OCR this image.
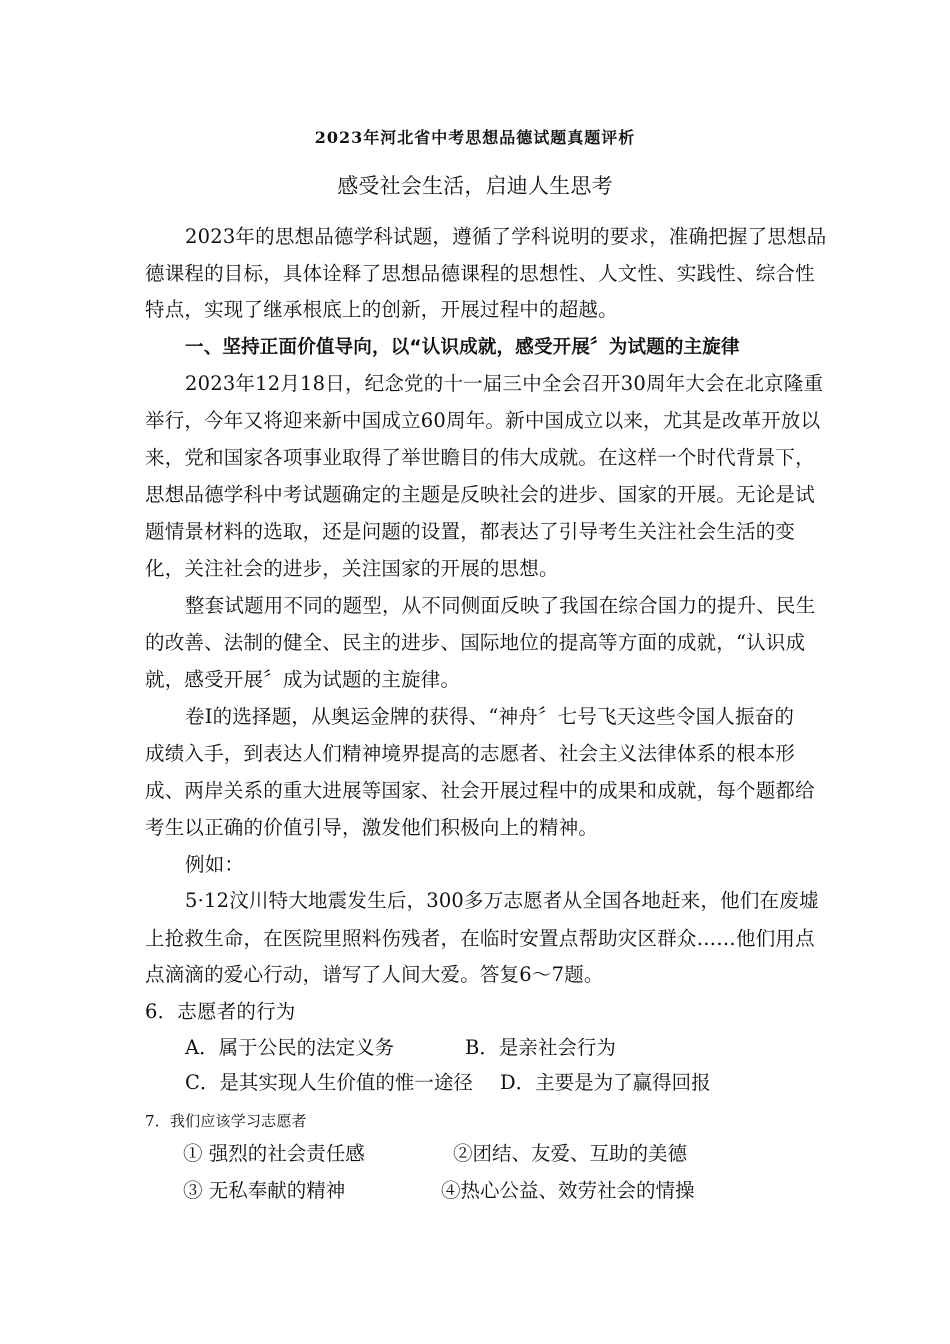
2023年河北省中考思想品德试题真题评析
感受社会生活，启迪人生思考
2023年的思想品德学科试题，遵循了学科说明的要求，准确把握了思想品
德课程的目标，具体诠释了思想品德课程的思想性、人文性、实践性、综合性
特点，实现了继承根底上的创新，开展过程中的超越。
一、坚持正面价值导向，以“认识成就，感受开展〞为试题的主旋律
2023年12月18日，纪念党的十一届三中全会召开30周年大会在北京隆重
举行，今年又将迎来新中国成立60周年。新中国成立以来，尤其是改革开放以
来，党和国家各项事业取得了举世瞻目的伟大成就。在这样一个时代背景下，
思想品德学科中考试题确定的主题是反映社会的进步、国家的开展。无论是试
题情景材料的选取，还是问题的设置，都表达了引导考生关注社会生活的变
化，关注社会的进步，关注国家的开展的思想。
整套试题用不同的题型，从不同侧面反映了我国在综合国力的提升、民生
的改善、法制的健全、民主的进步、国际地位的提高等方面的成就，“认识成
就，感受开展〞成为试题的主旋律。
卷Ⅰ的选择题，从奥运金牌的获得、“神舟〞七号飞天这些令国人振奋的
成绩入手，到表达人们精神境界提高的志愿者、社会主义法律体系的根本形
成、两岸关系的重大进展等国家、社会开展过程中的成果和成就，每个题都给
考生以正确的价值引导，激发他们积极向上的精神。
例如：
5·12汶川特大地震发生后，300多万志愿者从全国各地赶来，他们在废墟
上抢救生命，在医院里照料伤残者，在临时安置点帮助灾区群众……他们用点
点滴滴的爱心行动，谱写了人间大爱。答复6～7题。
6．志愿者的行为
A．属于公民的法定义务	B．是亲社会行为
C．是其实现人生价值的惟一途径 D．主要是为了赢得回报
7．我们应该学习志愿者
① 强烈的社会责任感	②团结、友爱、互助的美德
③ 无私奉献的精神	④热心公益、效劳社会的情操
